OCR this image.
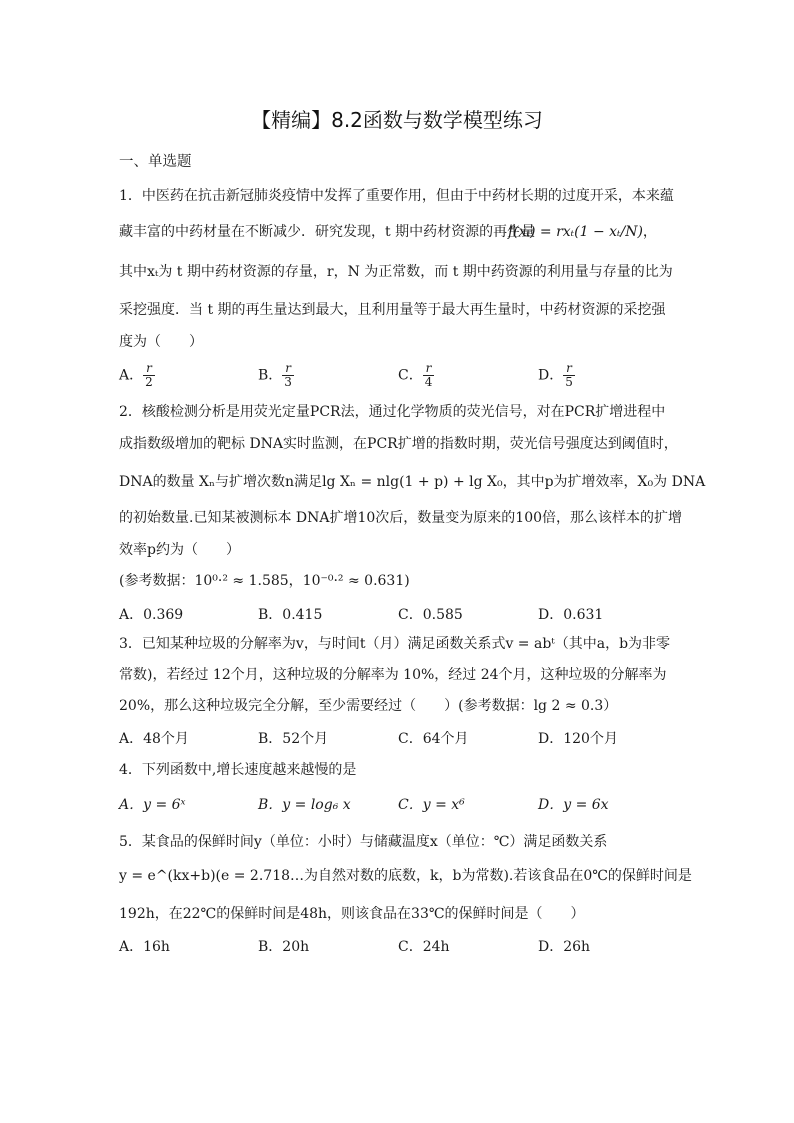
【精编】8.2函数与数学模型练习
一、单选题
1．中医药在抗击新冠肺炎疫情中发挥了重要作用，但由于中药材长期的过度开采，本来蕴
藏丰富的中药材量在不断减少．研究发现，t 期中药材资源的再生量
f(xₜ) = rxₜ(1 − xₜ/N)，
其中xₜ为 t 期中药材资源的存量，r，N 为正常数，而 t 期中药资源的利用量与存量的比为
采挖强度．当 t 期的再生量达到最大，且利用量等于最大再生量时，中药材资源的采挖强
度为（　　）
A． $\frac{r}{2}$	B． $\frac{r}{3}$	C． $\frac{r}{4}$	D． $\frac{r}{5}$
2．核酸检测分析是用荧光定量PCR法，通过化学物质的荧光信号，对在PCR扩增进程中
成指数级增加的靶标 DNA实时监测，在PCR扩增的指数时期，荧光信号强度达到阈值时，
DNA的数量 Xₙ与扩增次数n满足lg Xₙ = nlg(1 + p) + lg X₀，其中p为扩增效率，X₀为 DNA
的初始数量.已知某被测标本 DNA扩增10次后，数量变为原来的100倍，那么该样本的扩增
效率p约为（　　）
(参考数据：10⁰·² ≈ 1.585，10⁻⁰·² ≈ 0.631)
A．0.369	B．0.415	C．0.585	D．0.631
3．已知某种垃圾的分解率为v，与时间t（月）满足函数关系式v = abᵗ（其中a，b为非零
常数)，若经过 12个月，这种垃圾的分解率为 10%，经过 24个月，这种垃圾的分解率为
20%，那么这种垃圾完全分解，至少需要经过（　　）(参考数据：lg 2 ≈ 0.3）
A．48个月	B．52个月	C．64个月	D．120个月
4．下列函数中,增长速度越来越慢的是
A．y = 6ˣ	B．y = log₆ x	C．y = x⁶	D．y = 6x
5．某食品的保鲜时间y（单位：小时）与储藏温度x（单位：℃）满足函数关系
y = e^(kx+b)(e = 2.718…为自然对数的底数，k，b为常数).若该食品在0℃的保鲜时间是
192h，在22℃的保鲜时间是48h，则该食品在33℃的保鲜时间是（　　）
A．16h	B．20h	C．24h	D．26h
